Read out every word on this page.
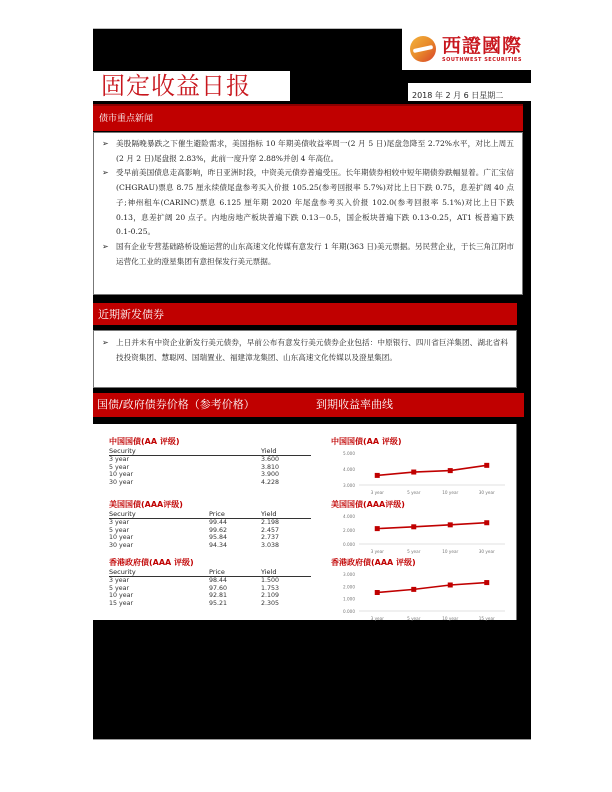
西證國際
SOUTHWEST SECURITIES
固定收益日报	2018 年 2 月 6 日星期二
债市重点新闻
➢ 美股隔晚暴跌之下催生避险需求，美国指标 10 年期美债收益率周一(2 月 5 日)尾盘急降至 2.72%水平，对比上周五(2 月 2 日)尾盘报 2.83%，此前一度升穿 2.88%并创 4 年高位。
➢ 受早前美国债息走高影响，昨日亚洲时段，中资美元债券普遍受压。长年期债券相较中短年期债券跌幅显着。广汇宝信(CHGRAU)票息 8.75 厘永续债尾盘参考买入价报 105.25(参考回报率 5.7%)对比上日下跌 0.75，息差扩阔 40 点子;神州租车(CARINC)票息 6.125 厘年期 2020 年尾盘参考买入价报 102.0(参考回报率 5.1%)对比上日下跌 0.13，息差扩阔 20 点子。内地房地产板块普遍下跌 0.13－0.5，国企板块普遍下跌 0.13-0.25，AT1 板普遍下跌 0.1-0.25。
➢ 国有企业专营基础路桥设施运营的山东高速文化传媒有意发行 1 年期(363 日)美元票据。另民营企业，于长三角江阴市运营化工业的澄星集团有意担保发行美元票据。
近期新发债券
➢ 上日并未有中资企业新发行美元债券，早前公布有意发行美元债券企业包括：中原银行、四川省巨洋集团、湖北省科技投资集团、慧聪网、国瑞置业、福建漳龙集团、山东高速文化传媒以及澄星集团。
国债/政府债券价格（参考价格）	到期收益率曲线
中国国债(AA 评级)
Security	Yield
3 year	3.600
5 year	3.810
10 year	3.900
30 year	4.228
美国国债(AAA评级)
Security	Price	Yield
3 year	99.44	2.198
5 year	99.62	2.457
10 year	95.84	2.737
30 year	94.34	3.038
香港政府债(AAA 评级)
Security	Price	Yield
3 year	98.44	1.500
5 year	97.60	1.753
10 year	92.81	2.109
15 year	95.21	2.305
中国国债(AA 评级)
3.000
4.000
5.000
3 year	5 year	10 year	30 year
美国国债(AAA评级)
0.000
2.000
4.000
3 year	5 year	10 year	30 year
香港政府债(AAA 评级)
0.000
1.000
2.000
3.000
3 year	5 year	10 year	15 year
